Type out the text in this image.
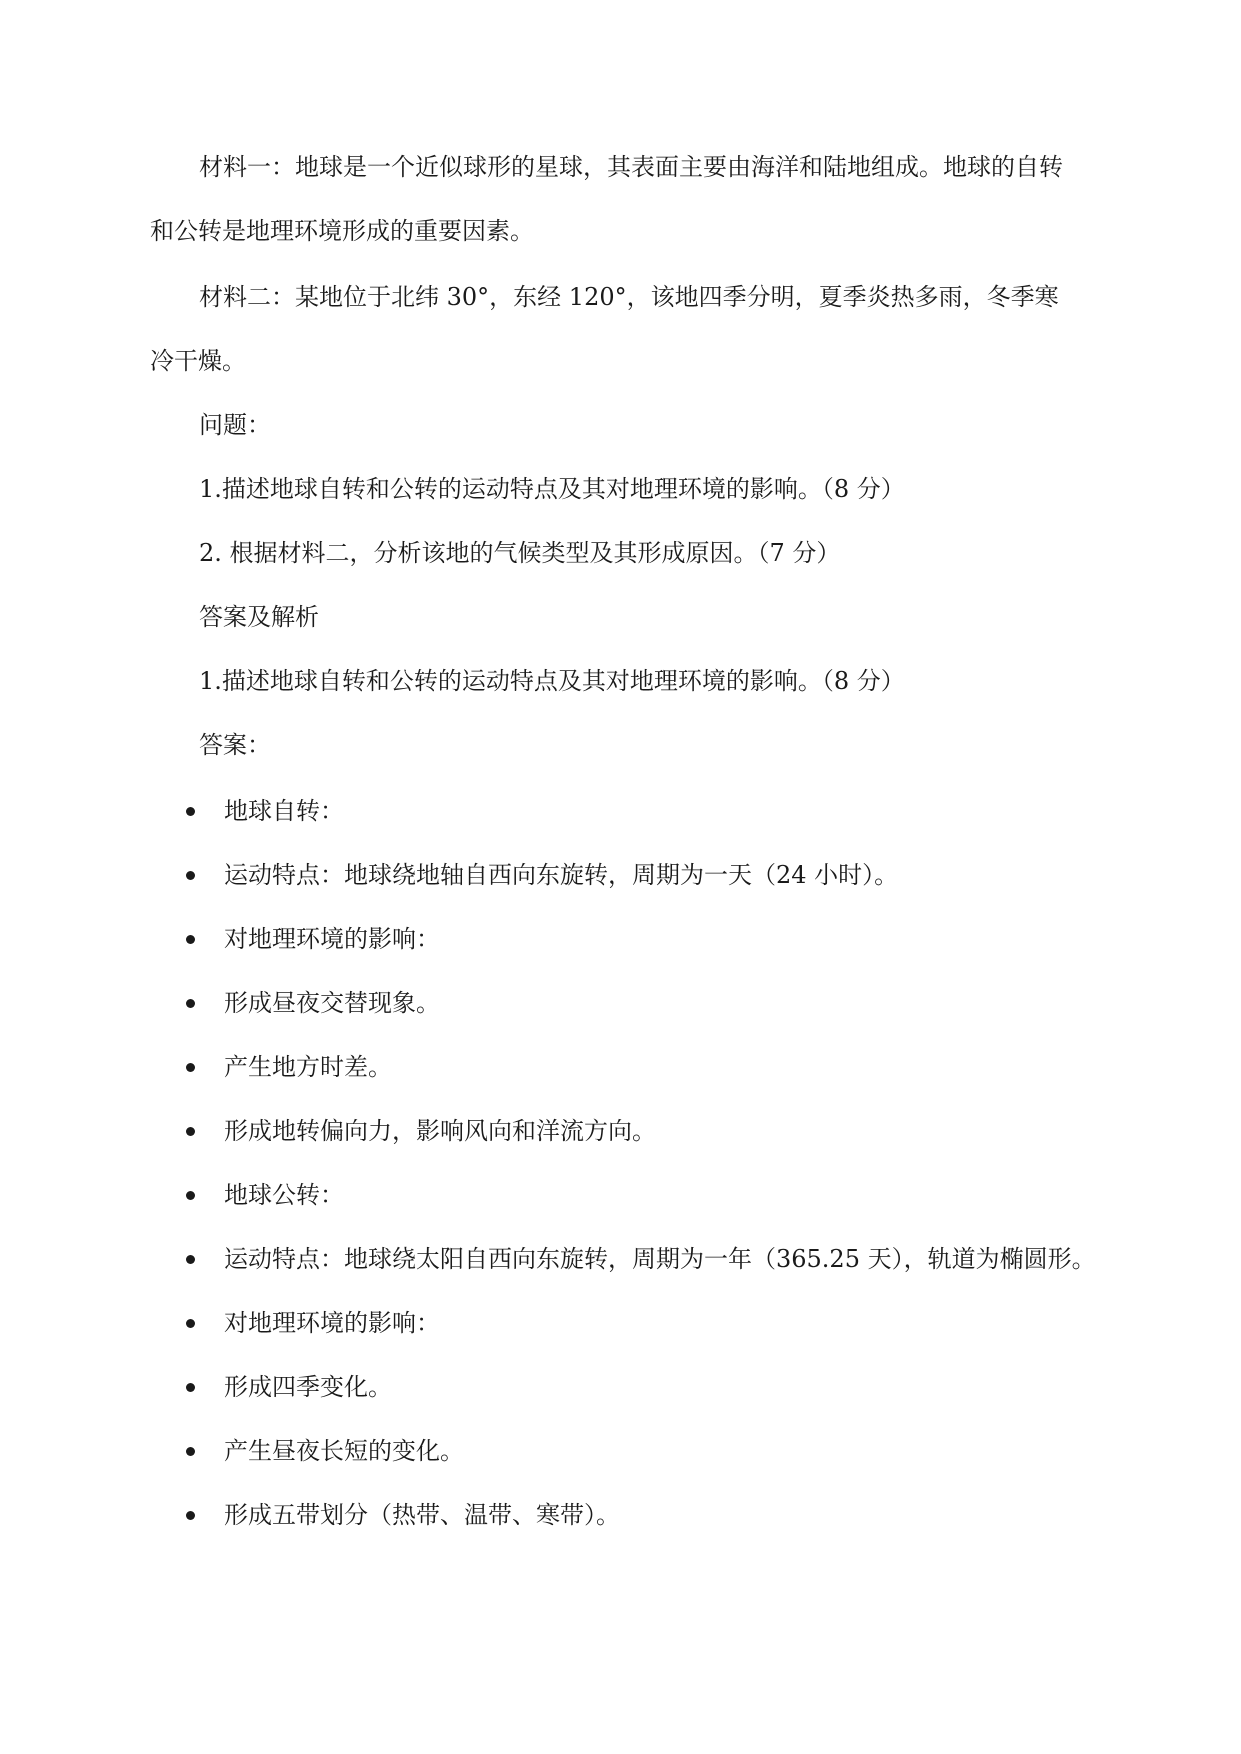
材料一：地球是一个近似球形的星球，其表面主要由海洋和陆地组成。地球的自转
和公转是地理环境形成的重要因素。
材料二：某地位于北纬 30°，东经 120°，该地四季分明，夏季炎热多雨，冬季寒
冷干燥。
问题：
1.描述地球自转和公转的运动特点及其对地理环境的影响。（8 分）
2. 根据材料二，分析该地的气候类型及其形成原因。（7 分）
答案及解析
1.描述地球自转和公转的运动特点及其对地理环境的影响。（8 分）
答案：
地球自转：
运动特点：地球绕地轴自西向东旋转，周期为一天（24 小时）。
对地理环境的影响：
形成昼夜交替现象。
产生地方时差。
形成地转偏向力，影响风向和洋流方向。
地球公转：
运动特点：地球绕太阳自西向东旋转，周期为一年（365.25 天），轨道为椭圆形。
对地理环境的影响：
形成四季变化。
产生昼夜长短的变化。
形成五带划分（热带、温带、寒带）。
